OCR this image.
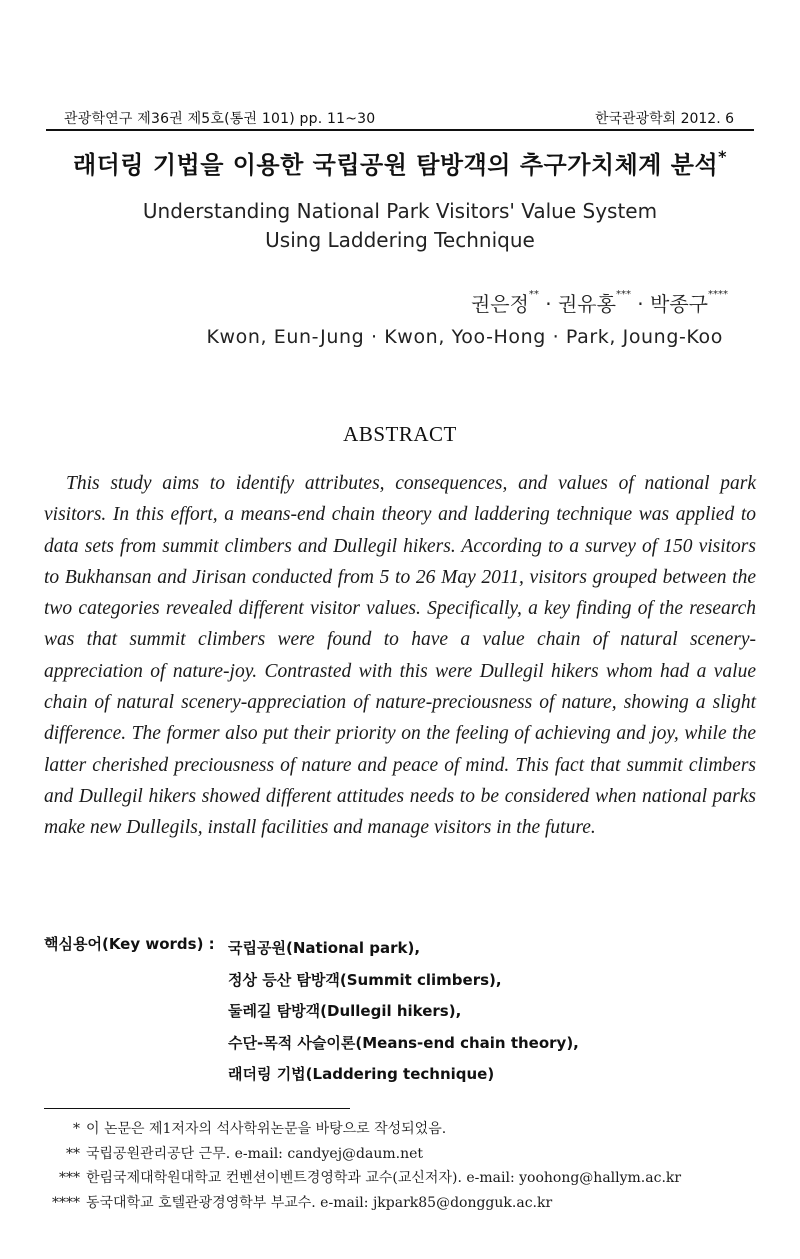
관광학연구 제36권 제5호(통권 101) pp. 11~30	한국관광학회 2012. 6
래더링 기법을 이용한 국립공원 탐방객의 추구가치체계 분석*
Understanding National Park Visitors' Value System
Using Laddering Technique
권은정** · 권유홍*** · 박종구****
Kwon, Eun-Jung · Kwon, Yoo-Hong · Park, Joung-Koo
ABSTRACT

This study aims to identify attributes, consequences, and values of national park visitors. In this effort, a means-end chain theory and laddering technique was applied to data sets from summit climbers and Dullegil hikers. According to a survey of 150 visitors to Bukhansan and Jirisan conducted from 5 to 26 May 2011, visitors grouped between the two categories revealed different visitor values. Specifically, a key finding of the research was that summit climbers were found to have a value chain of natural scenery-appreciation of nature-joy. Contrasted with this were Dullegil hikers whom had a value chain of natural scenery-appreciation of nature-preciousness of nature, showing a slight difference. The former also put their priority on the feeling of achieving and joy, while the latter cherished preciousness of nature and peace of mind. This fact that summit climbers and Dullegil hikers showed different attitudes needs to be considered when national parks make new Dullegils, install facilities and manage visitors in the future.

핵심용어(Key words) : 국립공원(National park),
정상 등산 탐방객(Summit climbers),
둘레길 탐방객(Dullegil hikers),
수단-목적 사슬이론(Means-end chain theory),
래더링 기법(Laddering technique)
* 이 논문은 제1저자의 석사학위논문을 바탕으로 작성되었음.
** 국립공원관리공단 근무. e-mail: candyej@daum.net
*** 한림국제대학원대학교 컨벤션이벤트경영학과 교수(교신저자). e-mail: yoohong@hallym.ac.kr
**** 동국대학교 호텔관광경영학부 부교수. e-mail: jkpark85@dongguk.ac.kr
